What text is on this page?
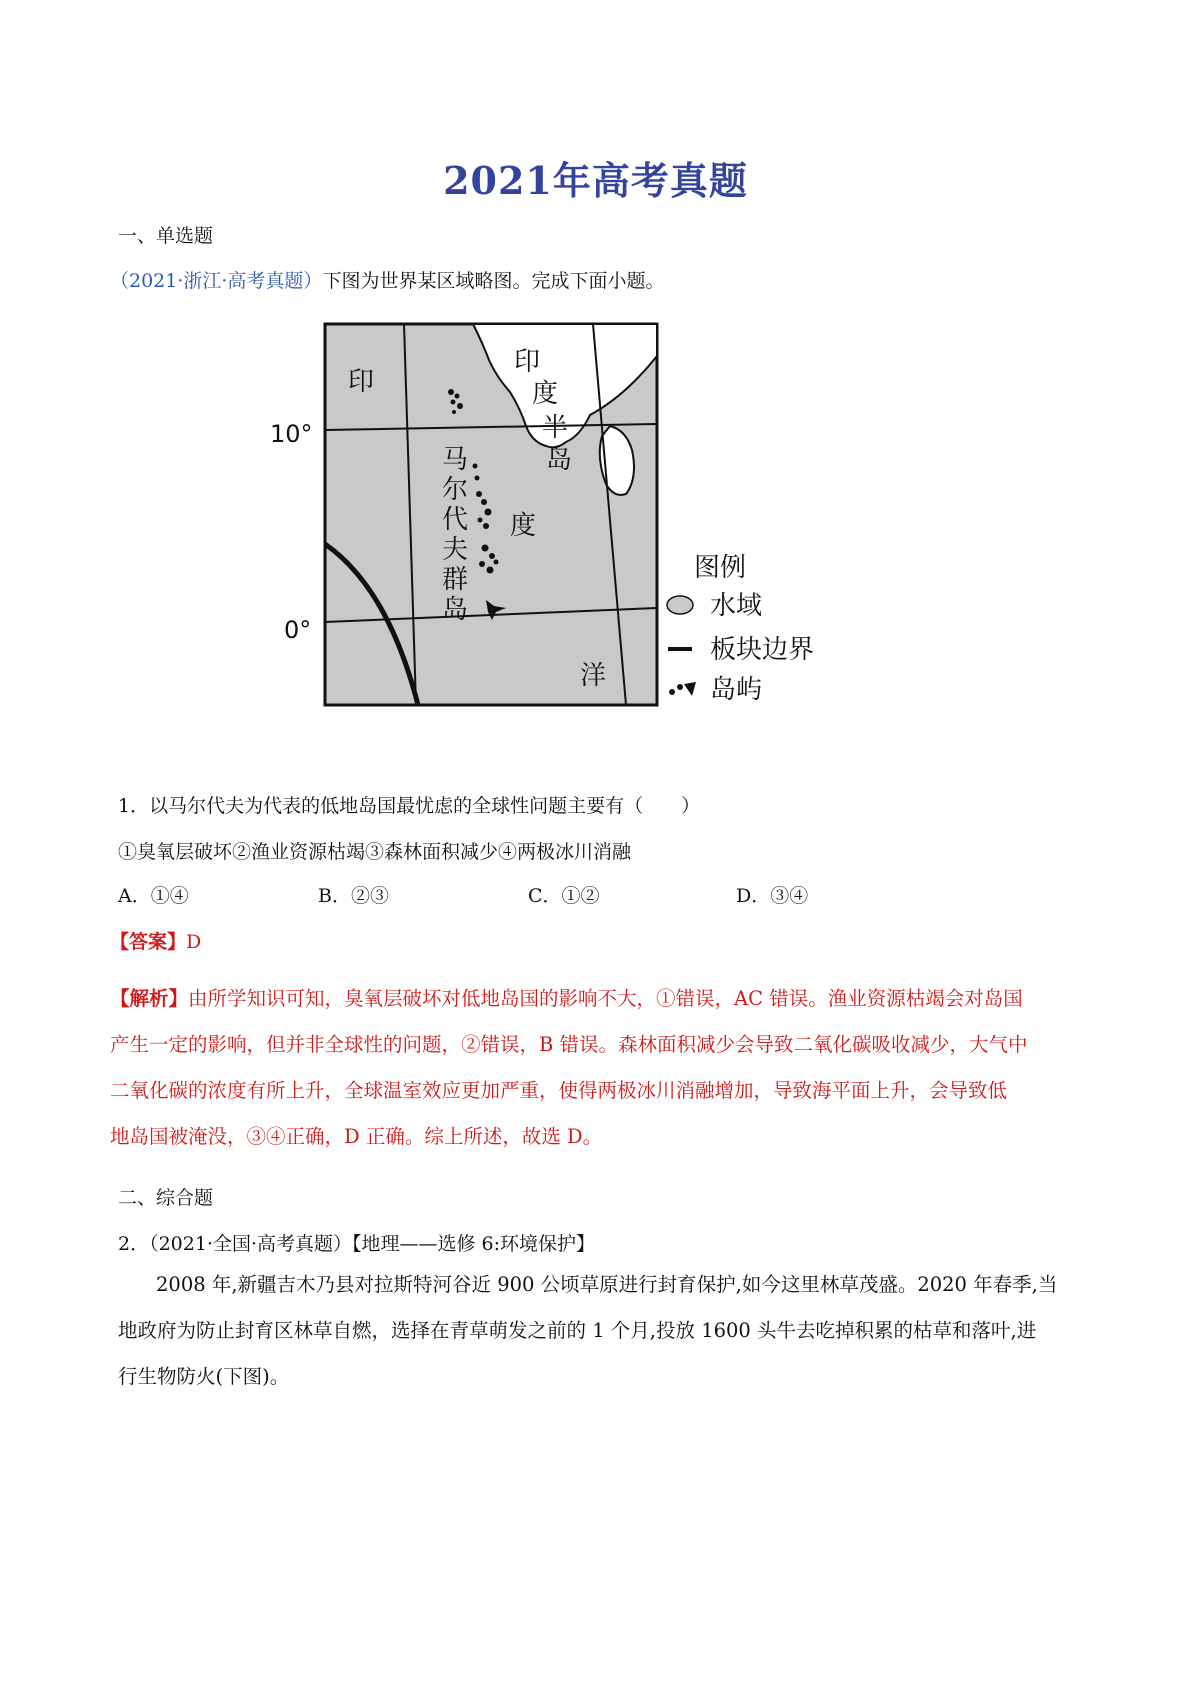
2021年高考真题
一、单选题
（2021·浙江·高考真题）下图为世界某区域略图。完成下面小题。
10°
0°
印
度
半
岛
印
度
洋
马
尔
代
夫
群
岛
图例
水域
板块边界
岛屿
1．以马尔代夫为代表的低地岛国最忧虑的全球性问题主要有（　　）
①臭氧层破坏②渔业资源枯竭③森林面积减少④两极冰川消融
A．①④	B．②③	C．①②	D．③④
【答案】D
【解析】由所学知识可知，臭氧层破坏对低地岛国的影响不大，①错误，AC 错误。渔业资源枯竭会对岛国
产生一定的影响，但并非全球性的问题，②错误，B 错误。森林面积减少会导致二氧化碳吸收减少，大气中
二氧化碳的浓度有所上升，全球温室效应更加严重，使得两极冰川消融增加，导致海平面上升，会导致低
地岛国被淹没，③④正确，D 正确。综上所述，故选 D。
二、综合题
2．（2021·全国·高考真题）【地理——选修 6:环境保护】
2008 年,新疆吉木乃县对拉斯特河谷近 900 公顷草原进行封育保护,如今这里林草茂盛。2020 年春季,当
地政府为防止封育区林草自燃，选择在青草萌发之前的 1 个月,投放 1600 头牛去吃掉积累的枯草和落叶,进
行生物防火(下图)。
